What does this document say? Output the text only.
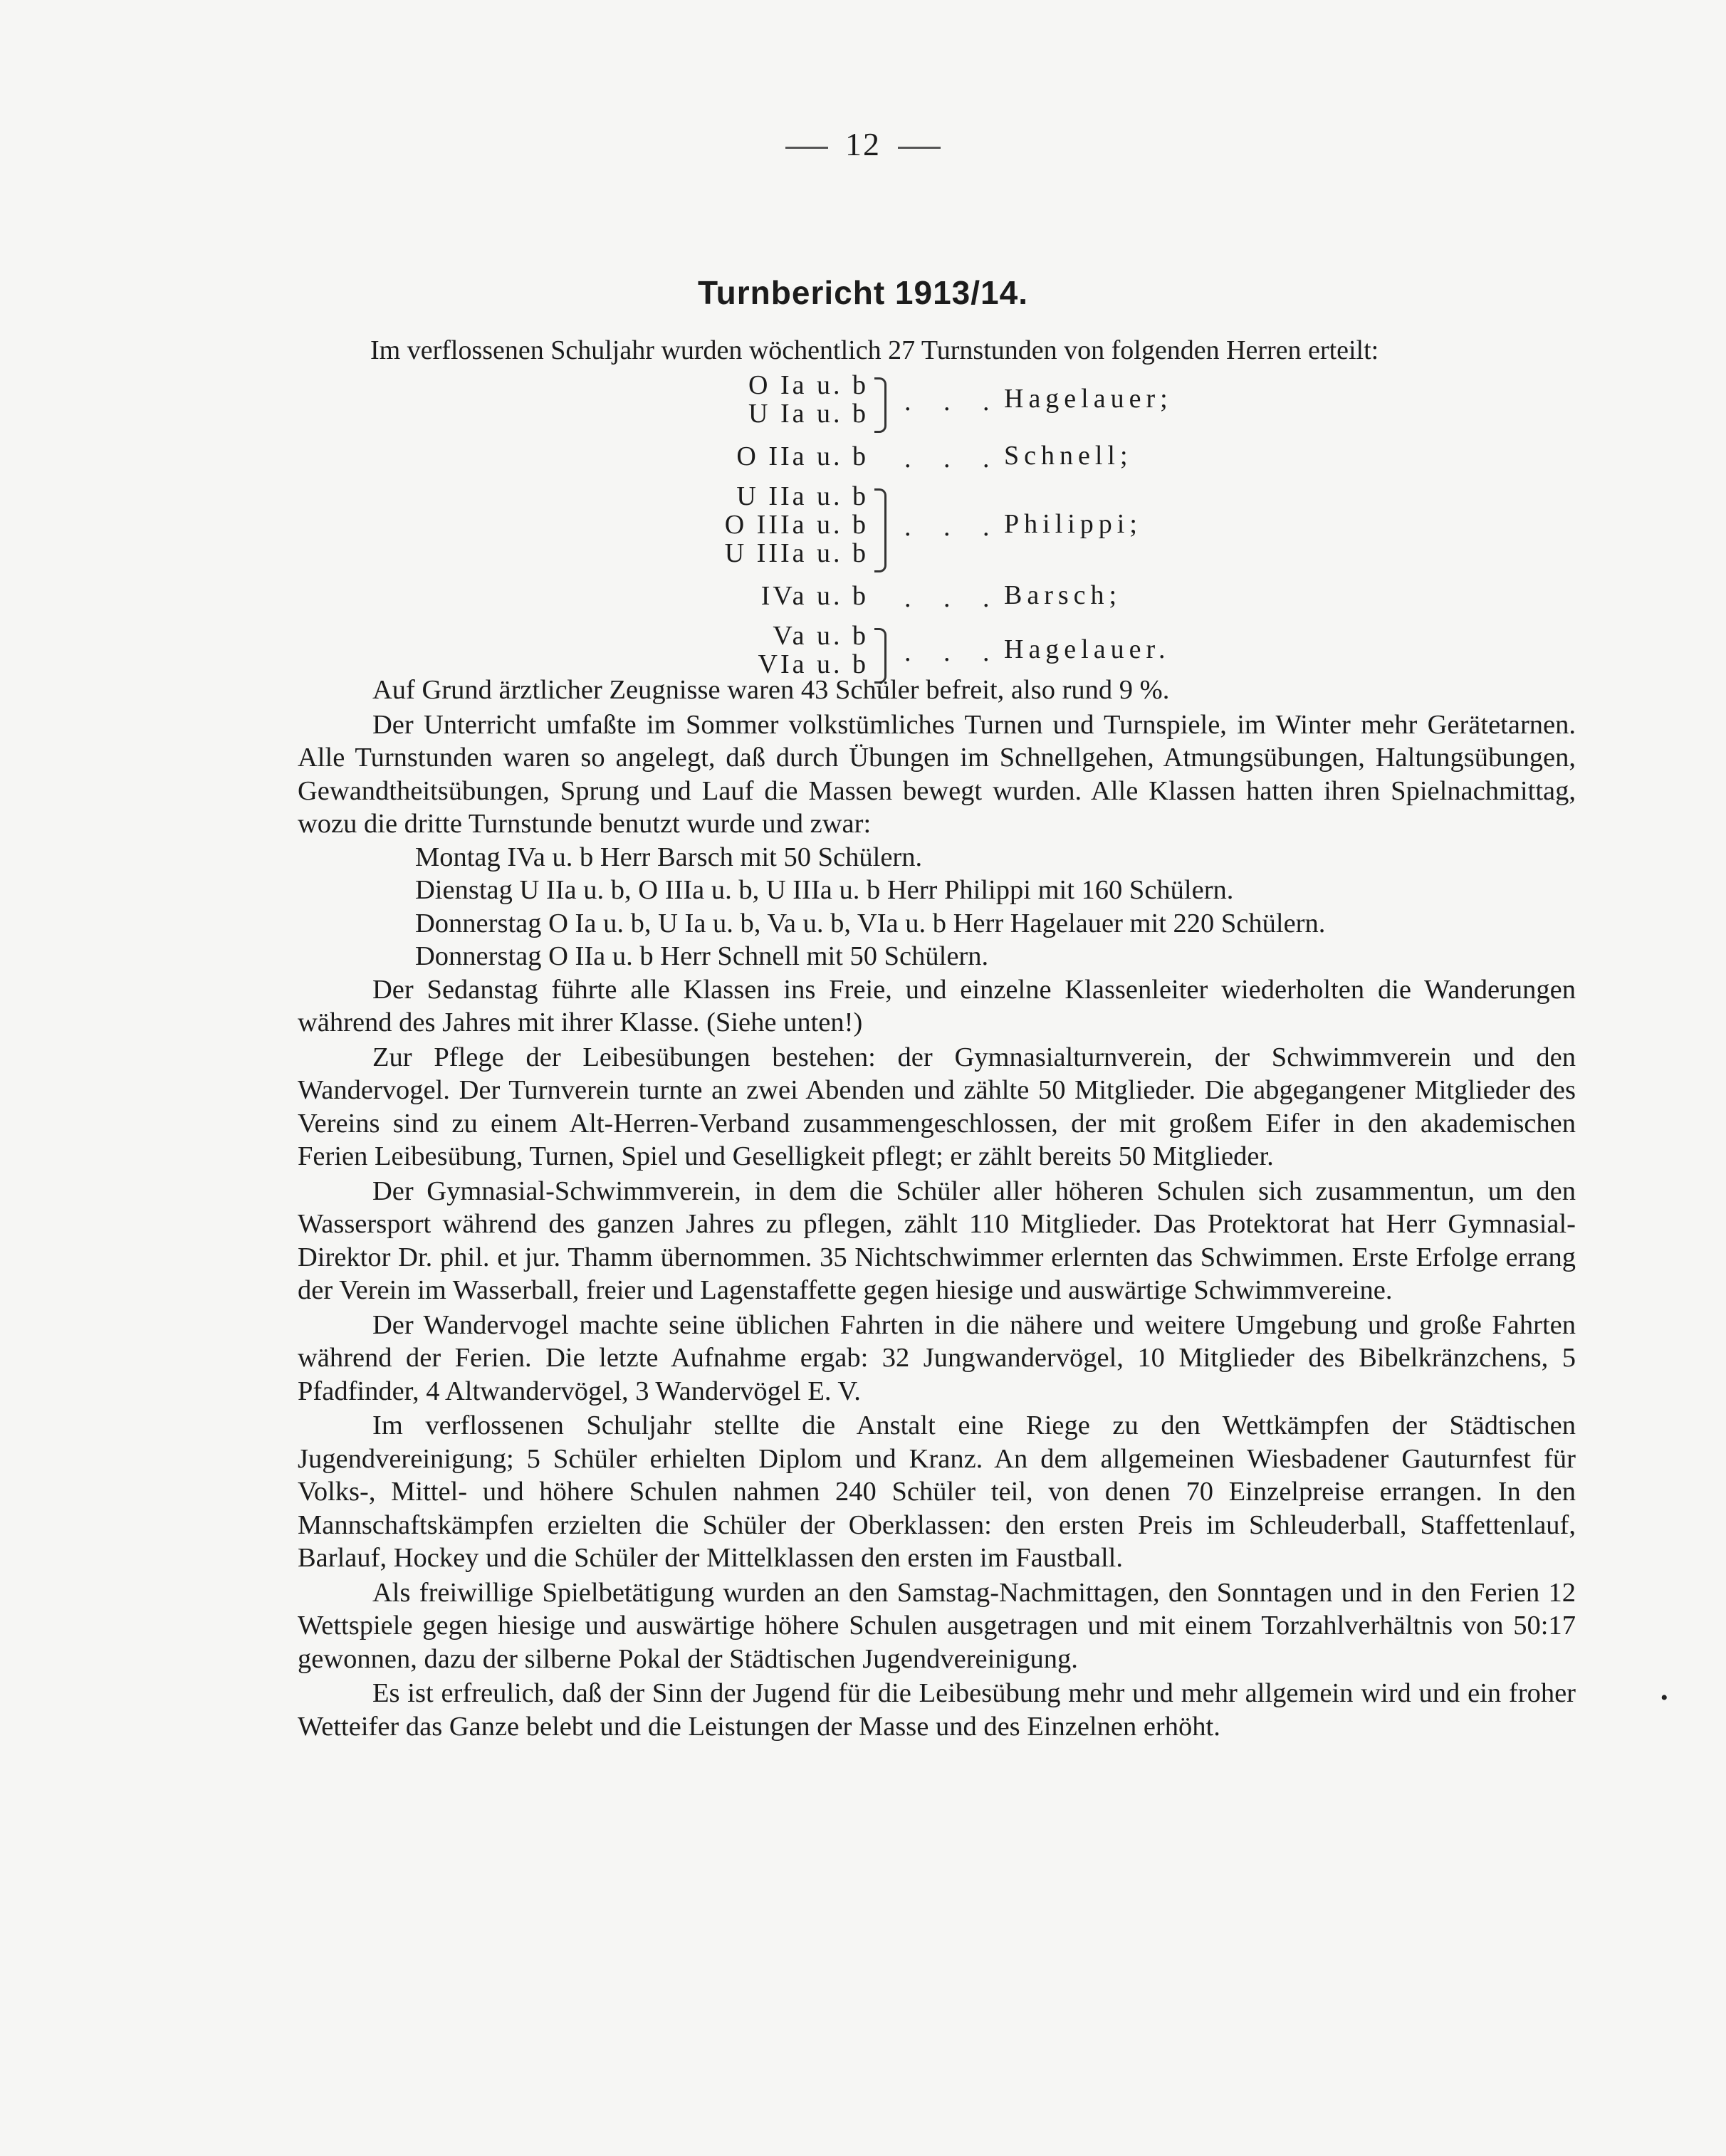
12
Turnbericht 1913/14.
Im verflossenen Schuljahr wurden wöchentlich 27 Turnstunden von folgenden Herren erteilt:
O Ia u. b
U Ia u. b . . . Hagelauer;
O IIa u. b . . . Schnell;
U IIa u. b
O IIIa u. b
U IIIa u. b
. . . Philippi;
IVa u. b . . . Barsch;
Va u. b
VIa u. b . . . Hagelauer.

Auf Grund ärztlicher Zeugnisse waren 43 Schüler befreit, also rund 9 %.

Der Unterricht umfaßte im Sommer volkstümliches Turnen und Turnspiele, im Winter mehr Gerätetarnen. Alle Turnstunden waren so angelegt, daß durch Übungen im Schnellgehen, Atmungsübungen, Haltungsübungen, Gewandtheitsübungen, Sprung und Lauf die Massen bewegt wurden. Alle Klassen hatten ihren Spielnachmittag, wozu die dritte Turnstunde benutzt wurde und zwar:

Montag IVa u. b Herr Barsch mit 50 Schülern.
Dienstag U IIa u. b, O IIIa u. b, U IIIa u. b Herr Philippi mit 160 Schülern.
Donnerstag O Ia u. b, U Ia u. b, Va u. b, VIa u. b Herr Hagelauer mit 220 Schülern.
Donnerstag O IIa u. b Herr Schnell mit 50 Schülern.

Der Sedanstag führte alle Klassen ins Freie, und einzelne Klassenleiter wiederholten die Wanderungen während des Jahres mit ihrer Klasse. (Siehe unten!)

Zur Pflege der Leibesübungen bestehen: der Gymnasialturnverein, der Schwimmverein und den Wandervogel. Der Turnverein turnte an zwei Abenden und zählte 50 Mitglieder. Die abgegangener Mitglieder des Vereins sind zu einem Alt-Herren-Verband zusammengeschlossen, der mit großem Eifer in den akademischen Ferien Leibesübung, Turnen, Spiel und Geselligkeit pflegt; er zählt bereits 50 Mitglieder.

Der Gymnasial-Schwimmverein, in dem die Schüler aller höheren Schulen sich zusammentun, um den Wassersport während des ganzen Jahres zu pflegen, zählt 110 Mitglieder. Das Protektorat hat Herr Gymnasial-Direktor Dr. phil. et jur. Thamm übernommen. 35 Nichtschwimmer erlernten das Schwimmen. Erste Erfolge errang der Verein im Wasserball, freier und Lagenstaffette gegen hiesige und auswärtige Schwimmvereine.

Der Wandervogel machte seine üblichen Fahrten in die nähere und weitere Umgebung und große Fahrten während der Ferien. Die letzte Aufnahme ergab: 32 Jungwandervögel, 10 Mitglieder des Bibelkränzchens, 5 Pfadfinder, 4 Altwandervögel, 3 Wandervögel E. V.

Im verflossenen Schuljahr stellte die Anstalt eine Riege zu den Wettkämpfen der Städtischen Jugendvereinigung; 5 Schüler erhielten Diplom und Kranz. An dem allgemeinen Wiesbadener Gauturnfest für Volks-, Mittel- und höhere Schulen nahmen 240 Schüler teil, von denen 70 Einzelpreise errangen. In den Mannschaftskämpfen erzielten die Schüler der Oberklassen: den ersten Preis im Schleuderball, Staffettenlauf, Barlauf, Hockey und die Schüler der Mittelklassen den ersten im Faustball.

Als freiwillige Spielbetätigung wurden an den Samstag-Nachmittagen, den Sonntagen und in den Ferien 12 Wettspiele gegen hiesige und auswärtige höhere Schulen ausgetragen und mit einem Torzahlverhältnis von 50:17 gewonnen, dazu der silberne Pokal der Städtischen Jugendvereinigung.

Es ist erfreulich, daß der Sinn der Jugend für die Leibesübung mehr und mehr allgemein wird und ein froher Wetteifer das Ganze belebt und die Leistungen der Masse und des Einzelnen erhöht.

•
